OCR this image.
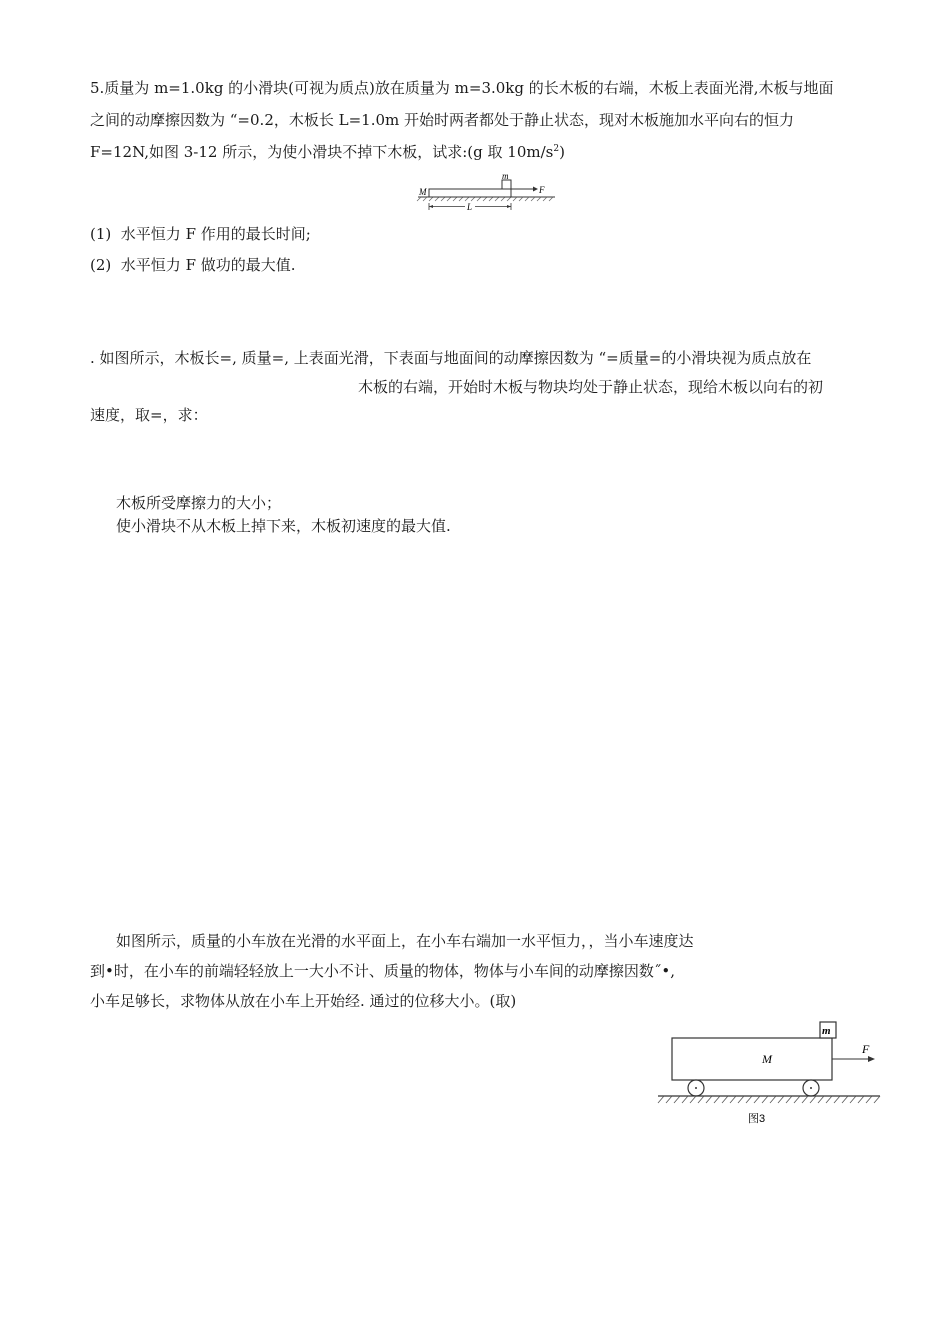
5.质量为 m=1.0kg 的小滑块(可视为质点)放在质量为 m=3.0kg 的长木板的右端，木板上表面光滑,木板与地面
之间的动摩擦因数为 “=0.2，木板长 L=1.0m 开始时两者都处于静止状态，现对木板施加水平向右的恒力
F=12N,如图 3-12 所示，为使小滑块不掉下木板，试求:(g 取 $10m/s^2$)
M
m
F
L
(1) 水平恒力 F 作用的最长时间;
(2) 水平恒力 F 做功的最大值.
. 如图所示，木板长=, 质量=, 上表面光滑，下表面与地面间的动摩擦因数为 “=质量=的小滑块视为质点放在
木板的右端，开始时木板与物块均处于静止状态，现给木板以向右的初
速度，取=，求：
木板所受摩擦力的大小；
使小滑块不从木板上掉下来，木板初速度的最大值.
如图所示，质量的小车放在光滑的水平面上，在小车右端加一水平恒力，，当小车速度达
到•时，在小车的前端轻轻放上一大小不计、质量的物体，物体与小车间的动摩擦因数˝•,
小车足够长，求物体从放在小车上开始经. 通过的位移大小。(取)
m
M
F
图3
